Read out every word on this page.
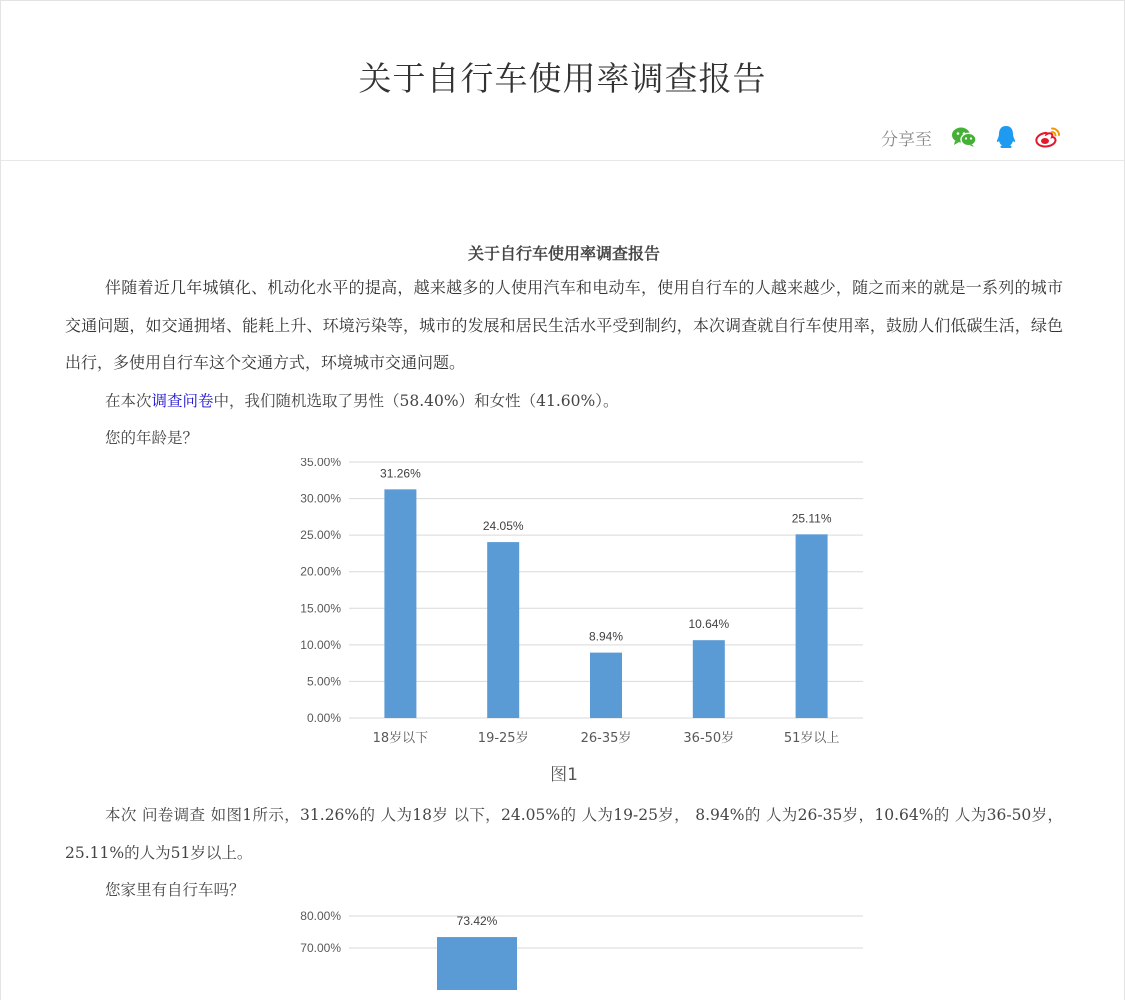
关于自行车使用率调查报告
分享至
关于自行车使用率调查报告

伴随着近几年城镇化、机动化水平的提高，越来越多的人使用汽车和电动车，使用自行车的人越来越少，随之而来的就是一系列的城市交通问题，如交通拥堵、能耗上升、环境污染等，城市的发展和居民生活水平受到制约，本次调查就自行车使用率，鼓励人们低碳生活，绿色出行，多使用自行车这个交通方式，环境城市交通问题。

在本次调查问卷中，我们随机选取了男性（58.40%）和女性（41.60%）。

您的年龄是？

0.00%
5.00%
10.00%
15.00%
20.00%
25.00%
30.00%
35.00%
31.26%
18岁以下
24.05%
19-25岁
8.94%
26-35岁
10.64%
36-50岁
25.11%
51岁以上
图1

本次 问卷调查 如图1所示，31.26%的 人为18岁 以下，24.05%的 人为19-25岁， 8.94%的 人为26-35岁，10.64%的 人为36-50岁，25.11%的人为51岁以上。

您家里有自行车吗？

80.00%
70.00%
73.42%
